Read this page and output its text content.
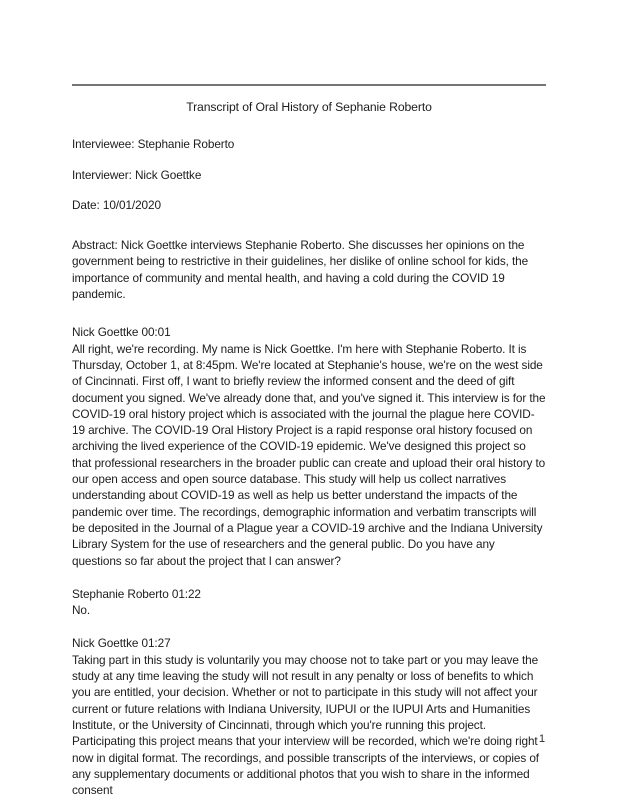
Transcript of Oral History of Sephanie Roberto

Interviewee: Stephanie Roberto

Interviewer: Nick Goettke

Date: 10/01/2020

Abstract: Nick Goettke interviews Stephanie Roberto. She discusses her opinions on the government being to restrictive in their guidelines, her dislike of online school for kids, the importance of community and mental health, and having a cold during the COVID 19 pandemic.

Nick Goettke 00:01
All right, we're recording. My name is Nick Goettke. I'm here with Stephanie Roberto. It is Thursday, October 1, at 8:45pm. We're located at Stephanie's house, we're on the west side of Cincinnati. First off, I want to briefly review the informed consent and the deed of gift document you signed. We've already done that, and you've signed it. This interview is for the COVID-19 oral history project which is associated with the journal the plague here COVID-19 archive. The COVID-19 Oral History Project is a rapid response oral history focused on archiving the lived experience of the COVID-19 epidemic. We've designed this project so that professional researchers in the broader public can create and upload their oral history to our open access and open source database. This study will help us collect narratives understanding about COVID-19 as well as help us better understand the impacts of the pandemic over time. The recordings, demographic information and verbatim transcripts will be deposited in the Journal of a Plague year a COVID-19 archive and the Indiana University Library System for the use of researchers and the general public. Do you have any questions so far about the project that I can answer?
Stephanie Roberto 01:22
No.
Nick Goettke 01:27
Taking part in this study is voluntarily you may choose not to take part or you may leave the study at any time leaving the study will not result in any penalty or loss of benefits to which you are entitled, your decision. Whether or not to participate in this study will not affect your current or future relations with Indiana University, IUPUI or the IUPUI Arts and Humanities Institute, or the University of Cincinnati, through which you're running this project. Participating this project means that your interview will be recorded, which we're doing right now in digital format. The recordings, and possible transcripts of the interviews, or copies of any supplementary documents or additional photos that you wish to share in the informed consent
1
